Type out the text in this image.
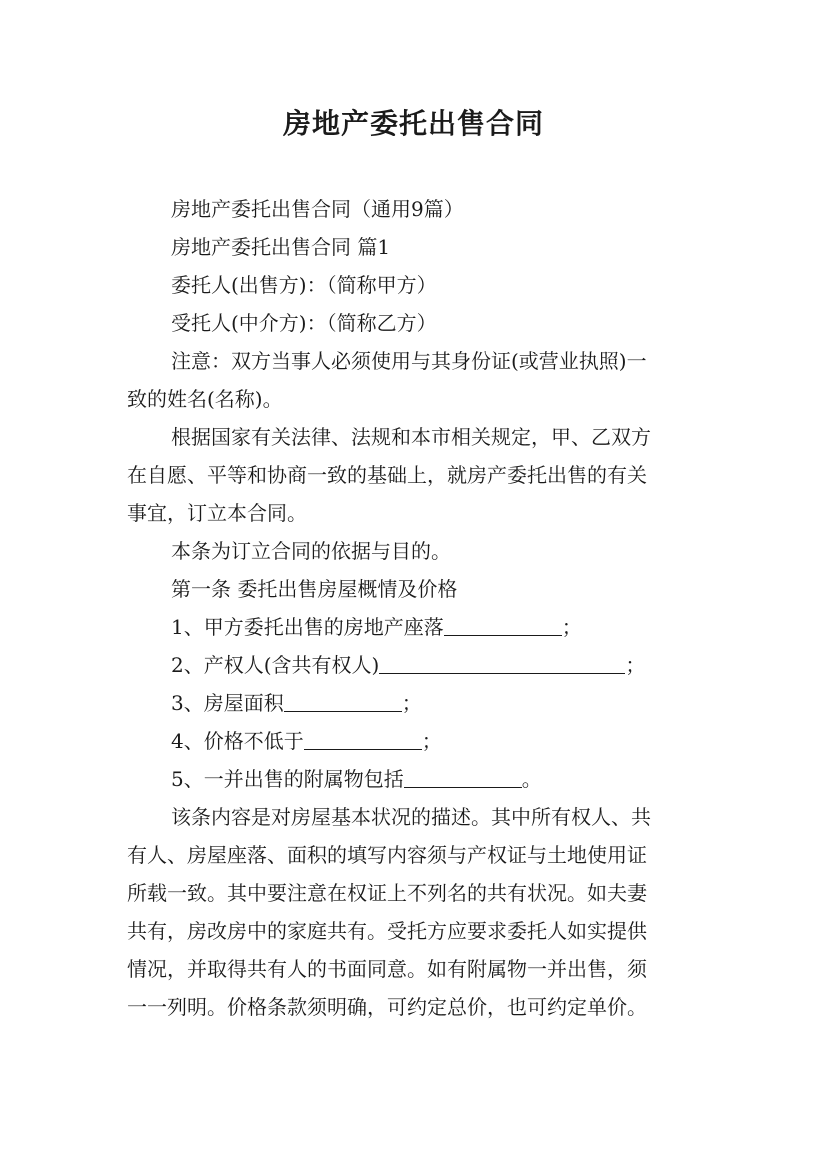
房地产委托出售合同
房地产委托出售合同（通用9篇）
房地产委托出售合同 篇1
委托人(出售方)：（简称甲方）
受托人(中介方)：（简称乙方）
注意：双方当事人必须使用与其身份证(或营业执照)一
致的姓名(名称)。
根据国家有关法律、法规和本市相关规定，甲、乙双方
在自愿、平等和协商一致的基础上，就房产委托出售的有关
事宜，订立本合同。
本条为订立合同的依据与目的。
第一条 委托出售房屋概情及价格
1、甲方委托出售的房地产座落	；
2、产权人(含共有权人)	；
3、房屋面积	；
4、价格不低于	；
5、一并出售的附属物包括	。
该条内容是对房屋基本状况的描述。其中所有权人、共
有人、房屋座落、面积的填写内容须与产权证与土地使用证
所载一致。其中要注意在权证上不列名的共有状况。如夫妻
共有，房改房中的家庭共有。受托方应要求委托人如实提供
情况，并取得共有人的书面同意。如有附属物一并出售，须
一一列明。价格条款须明确，可约定总价，也可约定单价。
